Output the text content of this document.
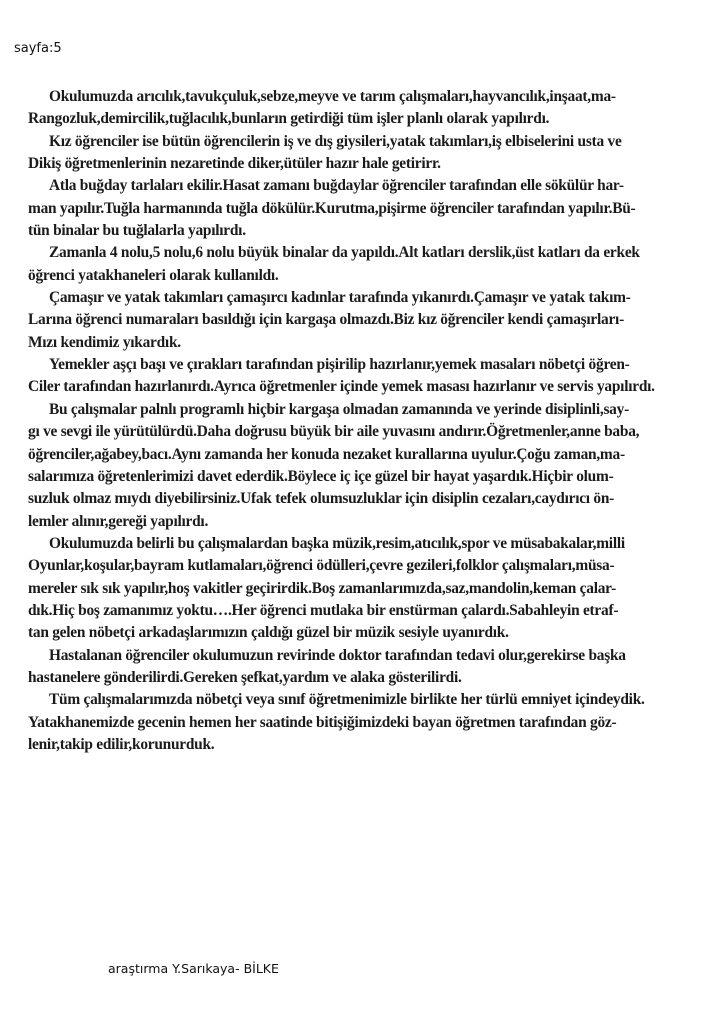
sayfa:5
Okulumuzda arıcılık,tavukçuluk,sebze,meyve ve tarım çalışmaları,hayvancılık,inşaat,ma-
Rangozluk,demircilik,tuğlacılık,bunların getirdiği tüm işler planlı olarak yapılırdı.
Kız öğrenciler ise bütün öğrencilerin iş ve dış giysileri,yatak takımları,iş elbiselerini usta ve
Dikiş öğretmenlerinin nezaretinde diker,ütüler hazır hale getirirr.
Atla buğday tarlaları ekilir.Hasat zamanı buğdaylar öğrenciler tarafından elle sökülür har-
man yapılır.Tuğla harmanında tuğla dökülür.Kurutma,pişirme öğrenciler tarafından yapılır.Bü-
tün binalar bu tuğlalarla yapılırdı.
Zamanla 4 nolu,5 nolu,6 nolu büyük binalar da yapıldı.Alt katları derslik,üst katları da erkek
öğrenci yatakhaneleri olarak kullanıldı.
Çamaşır ve yatak takımları çamaşırcı kadınlar tarafında yıkanırdı.Çamaşır ve yatak takım-
Larına öğrenci numaraları basıldığı için kargaşa olmazdı.Biz kız öğrenciler kendi çamaşırları-
Mızı kendimiz yıkardık.
Yemekler aşçı başı ve çırakları tarafından pişirilip hazırlanır,yemek masaları nöbetçi öğren-
Ciler tarafından hazırlanırdı.Ayrıca öğretmenler içinde yemek masası hazırlanır ve servis yapılırdı.
Bu çalışmalar palnlı programlı hiçbir kargaşa olmadan zamanında ve yerinde disiplinli,say-
gı ve sevgi ile yürütülürdü.Daha doğrusu büyük bir aile yuvasını andırır.Öğretmenler,anne baba,
öğrenciler,ağabey,bacı.Aynı zamanda her konuda nezaket kurallarına uyulur.Çoğu zaman,ma-
salarımıza öğretenlerimizi davet ederdik.Böylece iç içe güzel bir hayat yaşardık.Hiçbir olum-
suzluk olmaz mıydı diyebilirsiniz.Ufak tefek olumsuzluklar için disiplin cezaları,caydırıcı ön-
lemler alınır,gereği yapılırdı.
Okulumuzda belirli bu çalışmalardan başka müzik,resim,atıcılık,spor ve müsabakalar,milli
Oyunlar,koşular,bayram kutlamaları,öğrenci ödülleri,çevre gezileri,folklor çalışmaları,müsa-
mereler sık sık yapılır,hoş vakitler geçirirdik.Boş zamanlarımızda,saz,mandolin,keman çalar-
dık.Hiç boş zamanımız yoktu….Her öğrenci mutlaka bir enstürman çalardı.Sabahleyin etraf-
tan gelen nöbetçi arkadaşlarımızın çaldığı güzel bir müzik sesiyle uyanırdık.
Hastalanan öğrenciler okulumuzun revirinde doktor tarafından tedavi olur,gerekirse başka
hastanelere gönderilirdi.Gereken şefkat,yardım ve alaka gösterilirdi.
Tüm çalışmalarımızda nöbetçi veya sınıf öğretmenimizle birlikte her türlü emniyet içindeydik.
Yatakhanemizde gecenin hemen her saatinde bitişiğimizdeki bayan öğretmen tarafından göz-
lenir,takip edilir,korunurduk.
araştırma Y.Sarıkaya- BİLKE
